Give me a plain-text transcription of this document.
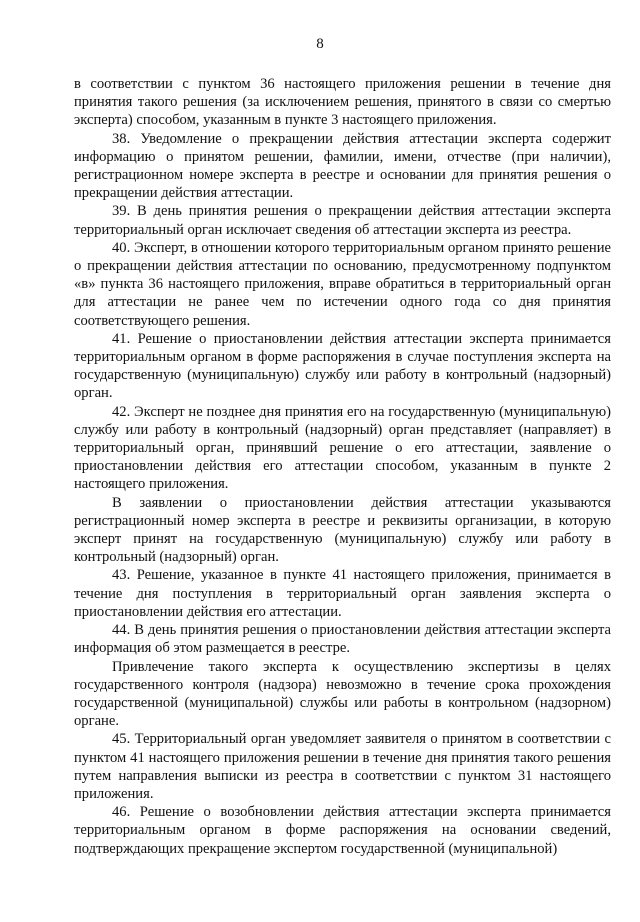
8

в соответствии с пунктом 36 настоящего приложения решении в течение дня принятия такого решения (за исключением решения, принятого в связи со смертью эксперта) способом, указанным в пункте 3 настоящего приложения.

38. Уведомление о прекращении действия аттестации эксперта содержит информацию о принятом решении, фамилии, имени, отчестве (при наличии), регистрационном номере эксперта в реестре и основании для принятия решения о прекращении действия аттестации.

39. В день принятия решения о прекращении действия аттестации эксперта территориальный орган исключает сведения об аттестации эксперта из реестра.

40. Эксперт, в отношении которого территориальным органом принято решение о прекращении действия аттестации по основанию, предусмотренному подпунктом «в» пункта 36 настоящего приложения, вправе обратиться в территориальный орган для аттестации не ранее чем по истечении одного года со дня принятия соответствующего решения.

41. Решение о приостановлении действия аттестации эксперта принимается территориальным органом в форме распоряжения в случае поступления эксперта на государственную (муниципальную) службу или работу в контрольный (надзорный) орган.

42. Эксперт не позднее дня принятия его на государственную (муниципальную) службу или работу в контрольный (надзорный) орган представляет (направляет) в территориальный орган, принявший решение о его аттестации, заявление о приостановлении действия его аттестации способом, указанным в пункте 2 настоящего приложения.

В заявлении о приостановлении действия аттестации указываются регистрационный номер эксперта в реестре и реквизиты организации, в которую эксперт принят на государственную (муниципальную) службу или работу в контрольный (надзорный) орган.

43. Решение, указанное в пункте 41 настоящего приложения, принимается в течение дня поступления в территориальный орган заявления эксперта о приостановлении действия его аттестации.

44. В день принятия решения о приостановлении действия аттестации эксперта информация об этом размещается в реестре.

Привлечение такого эксперта к осуществлению экспертизы в целях государственного контроля (надзора) невозможно в течение срока прохождения государственной (муниципальной) службы или работы в контрольном (надзорном) органе.

45. Территориальный орган уведомляет заявителя о принятом в соответствии с пунктом 41 настоящего приложения решении в течение дня принятия такого решения путем направления выписки из реестра в соответствии с пунктом 31 настоящего приложения.

46. Решение о возобновлении действия аттестации эксперта принимается территориальным органом в форме распоряжения на основании сведений, подтверждающих прекращение экспертом государственной (муниципальной)
